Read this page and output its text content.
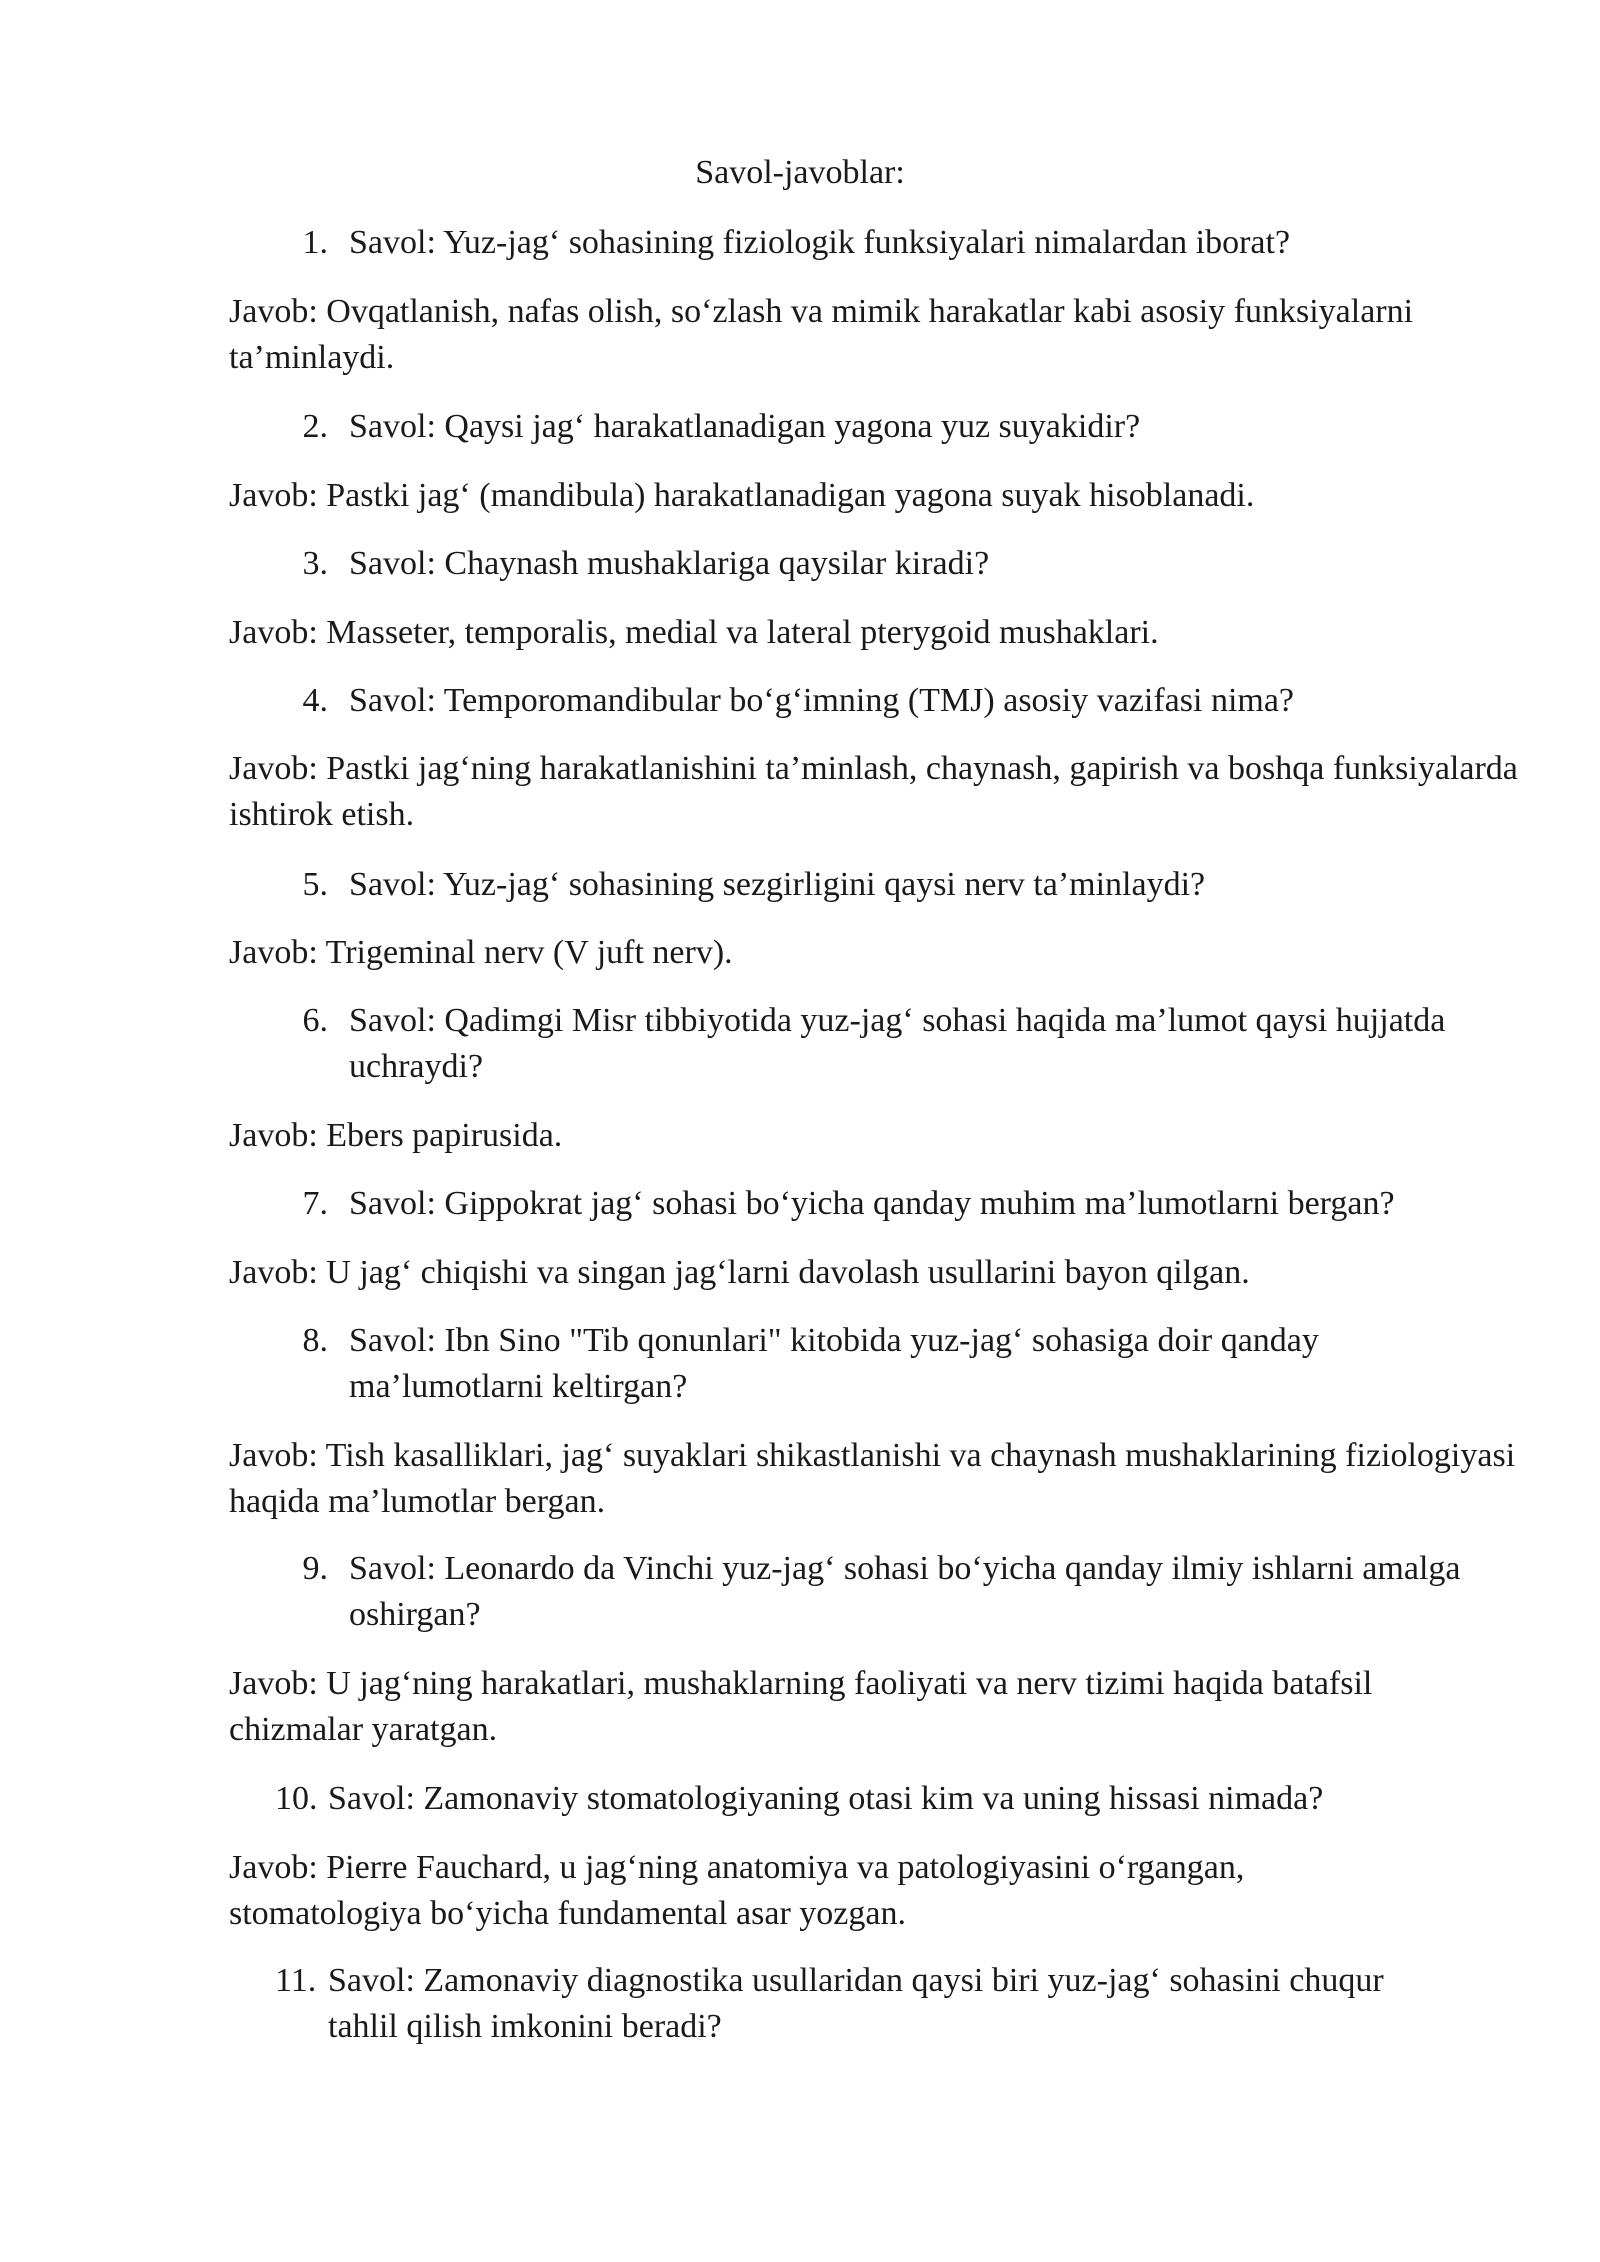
Savol-javoblar:
1. Savol: Yuz-jag‘ sohasining fiziologik funksiyalari nimalardan iborat?
Javob: Ovqatlanish, nafas olish, so‘zlash va mimik harakatlar kabi asosiy funksiyalarni ta’minlaydi.
2. Savol: Qaysi jag‘ harakatlanadigan yagona yuz suyakidir?
Javob: Pastki jag‘ (mandibula) harakatlanadigan yagona suyak hisoblanadi.
3. Savol: Chaynash mushaklariga qaysilar kiradi?
Javob: Masseter, temporalis, medial va lateral pterygoid mushaklari.
4. Savol: Temporomandibular bo‘g‘imning (TMJ) asosiy vazifasi nima?
Javob: Pastki jag‘ning harakatlanishini ta’minlash, chaynash, gapirish va boshqa funksiyalarda ishtirok etish.
5. Savol: Yuz-jag‘ sohasining sezgirligini qaysi nerv ta’minlaydi?
Javob: Trigeminal nerv (V juft nerv).
6. Savol: Qadimgi Misr tibbiyotida yuz-jag‘ sohasi haqida ma’lumot qaysi hujjatda uchraydi?
Javob: Ebers papirusida.
7. Savol: Gippokrat jag‘ sohasi bo‘yicha qanday muhim ma’lumotlarni bergan?
Javob: U jag‘ chiqishi va singan jag‘larni davolash usullarini bayon qilgan.
8. Savol: Ibn Sino "Tib qonunlari" kitobida yuz-jag‘ sohasiga doir qanday ma’lumotlarni keltirgan?
Javob: Tish kasalliklari, jag‘ suyaklari shikastlanishi va chaynash mushaklarining fiziologiyasi haqida ma’lumotlar bergan.
9. Savol: Leonardo da Vinchi yuz-jag‘ sohasi bo‘yicha qanday ilmiy ishlarni amalga oshirgan?
Javob: U jag‘ning harakatlari, mushaklarning faoliyati va nerv tizimi haqida batafsil chizmalar yaratgan.
10. Savol: Zamonaviy stomatologiyaning otasi kim va uning hissasi nimada?
Javob: Pierre Fauchard, u jag‘ning anatomiya va patologiyasini o‘rgangan, stomatologiya bo‘yicha fundamental asar yozgan.
11. Savol: Zamonaviy diagnostika usullaridan qaysi biri yuz-jag‘ sohasini chuqur tahlil qilish imkonini beradi?
